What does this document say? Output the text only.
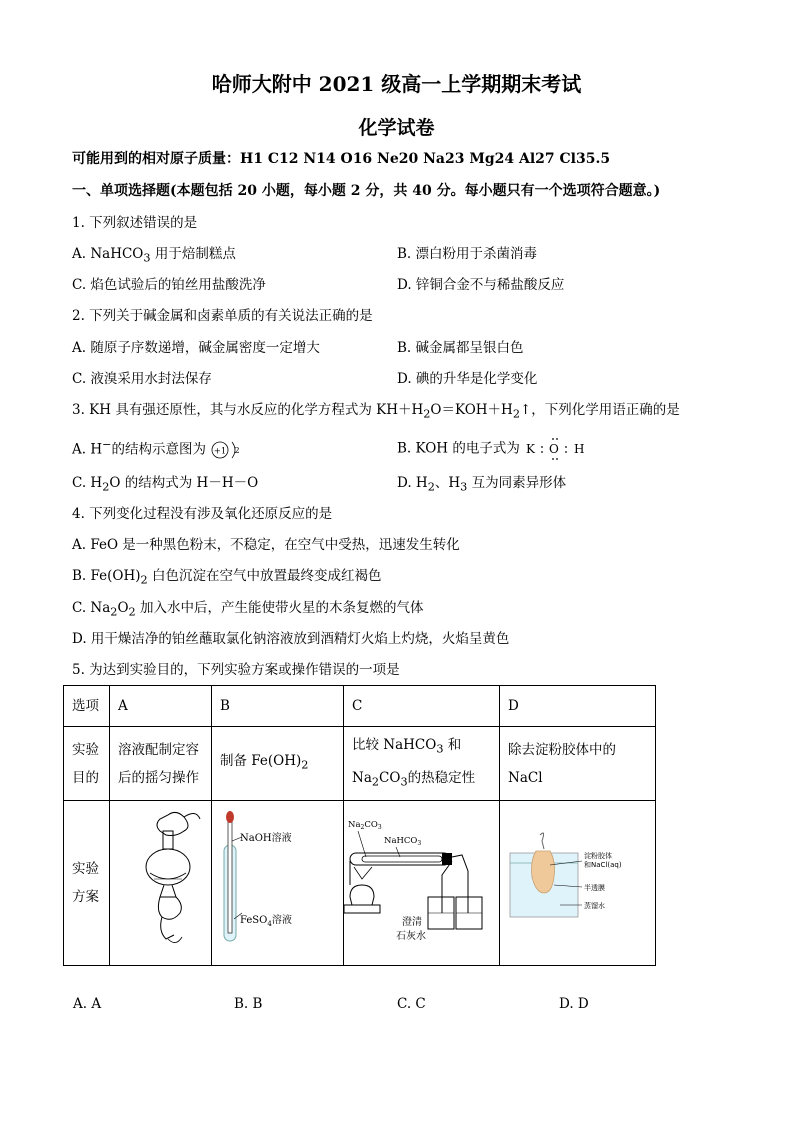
哈师大附中 2021 级高一上学期期末考试
化学试卷
可能用到的相对原子质量：H1 C12 N14 O16 Ne20 Na23 Mg24 Al27 Cl35.5
一、单项选择题(本题包括 20 小题，每小题 2 分，共 40 分。每小题只有一个选项符合题意。)
1. 下列叙述错误的是
A. NaHCO$_3$ 用于焙制糕点	B. 漂白粉用于杀菌消毒
C. 焰色试验后的铂丝用盐酸洗净	D. 锌铜合金不与稀盐酸反应
2. 下列关于碱金属和卤素单质的有关说法正确的是
A. 随原子序数递增，碱金属密度一定增大	B. 碱金属都呈银白色
C. 液溴采用水封法保存	D. 碘的升华是化学变化
3. KH 具有强还原性，其与水反应的化学方程式为 $KH+H_2O=KOH+H_2↑$，下列化学用语正确的是
A. H−的结构示意图为 +1 2	B. KOH 的电子式为 K O H
C. $H_2O$ 的结构式为 H－H－O	D. $H_2$、$H_3$ 互为同素异形体
4. 下列变化过程没有涉及氧化还原反应的是
A. FeO 是一种黑色粉末，不稳定，在空气中受热，迅速发生转化
B. $Fe(OH)_2$ 白色沉淀在空气中放置最终变成红褐色
C. $Na_2O_2$ 加入水中后，产生能使带火星的木条复燃的气体
D. 用干燥洁净的铂丝蘸取氯化钠溶液放到酒精灯火焰上灼烧，火焰呈黄色
5. 为达到实验目的，下列实验方案或操作错误的一项是
选项	A	B	C	D
实验目的	溶液配制定容后的摇匀操作	制备 $Fe(OH)_2$	比较 NaHCO$_3$ 和 $Na_2CO_3$的热稳定性	除去淀粉胶体中的 NaCl
实验方案		NaOH溶液
FeSO$_4$溶液	$Na_2CO_3$
NaHCO$_3$
澄清
石灰水	淀粉胶体
和NaCl(aq)
半透膜
蒸馏水
A. A	B. B	C. C	D. D
